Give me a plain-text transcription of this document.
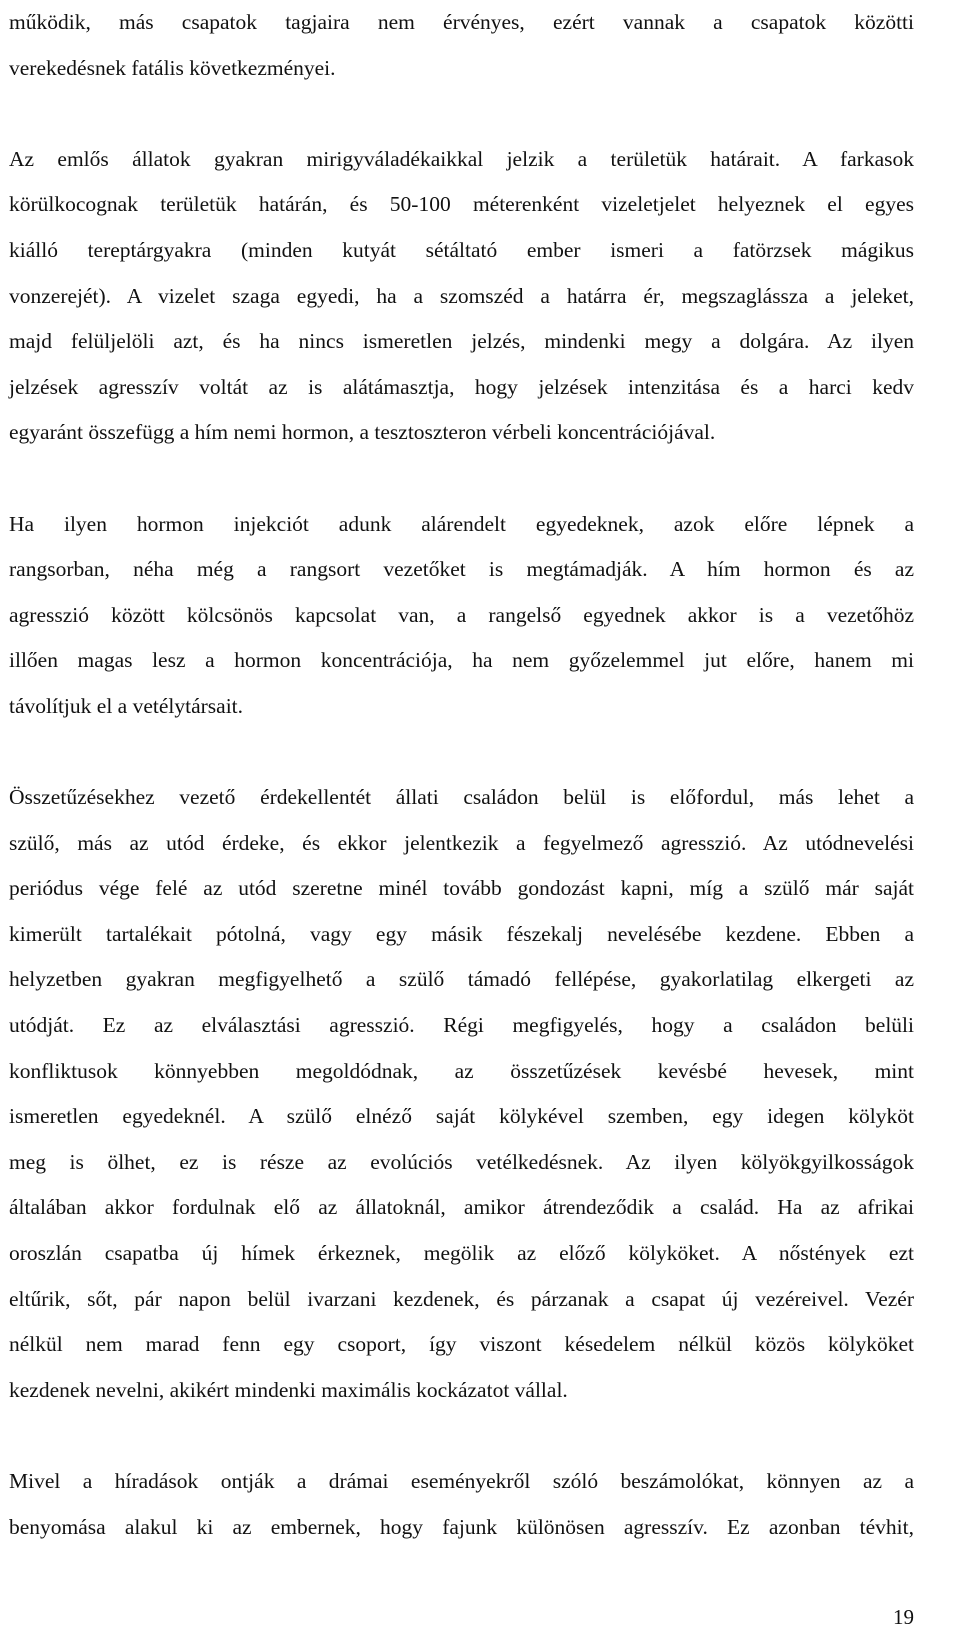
működik, más csapatok tagjaira nem érvényes, ezért vannak a csapatok közötti
verekedésnek fatális következményei.
Az emlős állatok gyakran mirigyváladékaikkal jelzik a területük határait. A farkasok
körülkocognak területük határán, és 50-100 méterenként vizeletjelet helyeznek el egyes
kiálló tereptárgyakra (minden kutyát sétáltató ember ismeri a fatörzsek mágikus
vonzerejét). A vizelet szaga egyedi, ha a szomszéd a határra ér, megszaglássza a jeleket,
majd felüljelöli azt, és ha nincs ismeretlen jelzés, mindenki megy a dolgára. Az ilyen
jelzések agresszív voltát az is alátámasztja, hogy jelzések intenzitása és a harci kedv
egyaránt összefügg a hím nemi hormon, a tesztoszteron vérbeli koncentrációjával.
Ha ilyen hormon injekciót adunk alárendelt egyedeknek, azok előre lépnek a
rangsorban, néha még a rangsort vezetőket is megtámadják. A hím hormon és az
agresszió között kölcsönös kapcsolat van, a rangelső egyednek akkor is a vezetőhöz
illően magas lesz a hormon koncentrációja, ha nem győzelemmel jut előre, hanem mi
távolítjuk el a vetélytársait.
Összetűzésekhez vezető érdekellentét állati családon belül is előfordul, más lehet a
szülő, más az utód érdeke, és ekkor jelentkezik a fegyelmező agresszió. Az utódnevelési
periódus vége felé az utód szeretne minél tovább gondozást kapni, míg a szülő már saját
kimerült tartalékait pótolná, vagy egy másik fészekalj nevelésébe kezdene. Ebben a
helyzetben gyakran megfigyelhető a szülő támadó fellépése, gyakorlatilag elkergeti az
utódját. Ez az elválasztási agresszió. Régi megfigyelés, hogy a családon belüli
konfliktusok könnyebben megoldódnak, az összetűzések kevésbé hevesek, mint
ismeretlen egyedeknél. A szülő elnéző saját kölykével szemben, egy idegen kölyköt
meg is ölhet, ez is része az evolúciós vetélkedésnek. Az ilyen kölyökgyilkosságok
általában akkor fordulnak elő az állatoknál, amikor átrendeződik a család. Ha az afrikai
oroszlán csapatba új hímek érkeznek, megölik az előző kölyköket. A nőstények ezt
eltűrik, sőt, pár napon belül ivarzani kezdenek, és párzanak a csapat új vezéreivel. Vezér
nélkül nem marad fenn egy csoport, így viszont késedelem nélkül közös kölyköket
kezdenek nevelni, akikért mindenki maximális kockázatot vállal.
Mivel a híradások ontják a drámai eseményekről szóló beszámolókat, könnyen az a
benyomása alakul ki az embernek, hogy fajunk különösen agresszív. Ez azonban tévhit,
19
